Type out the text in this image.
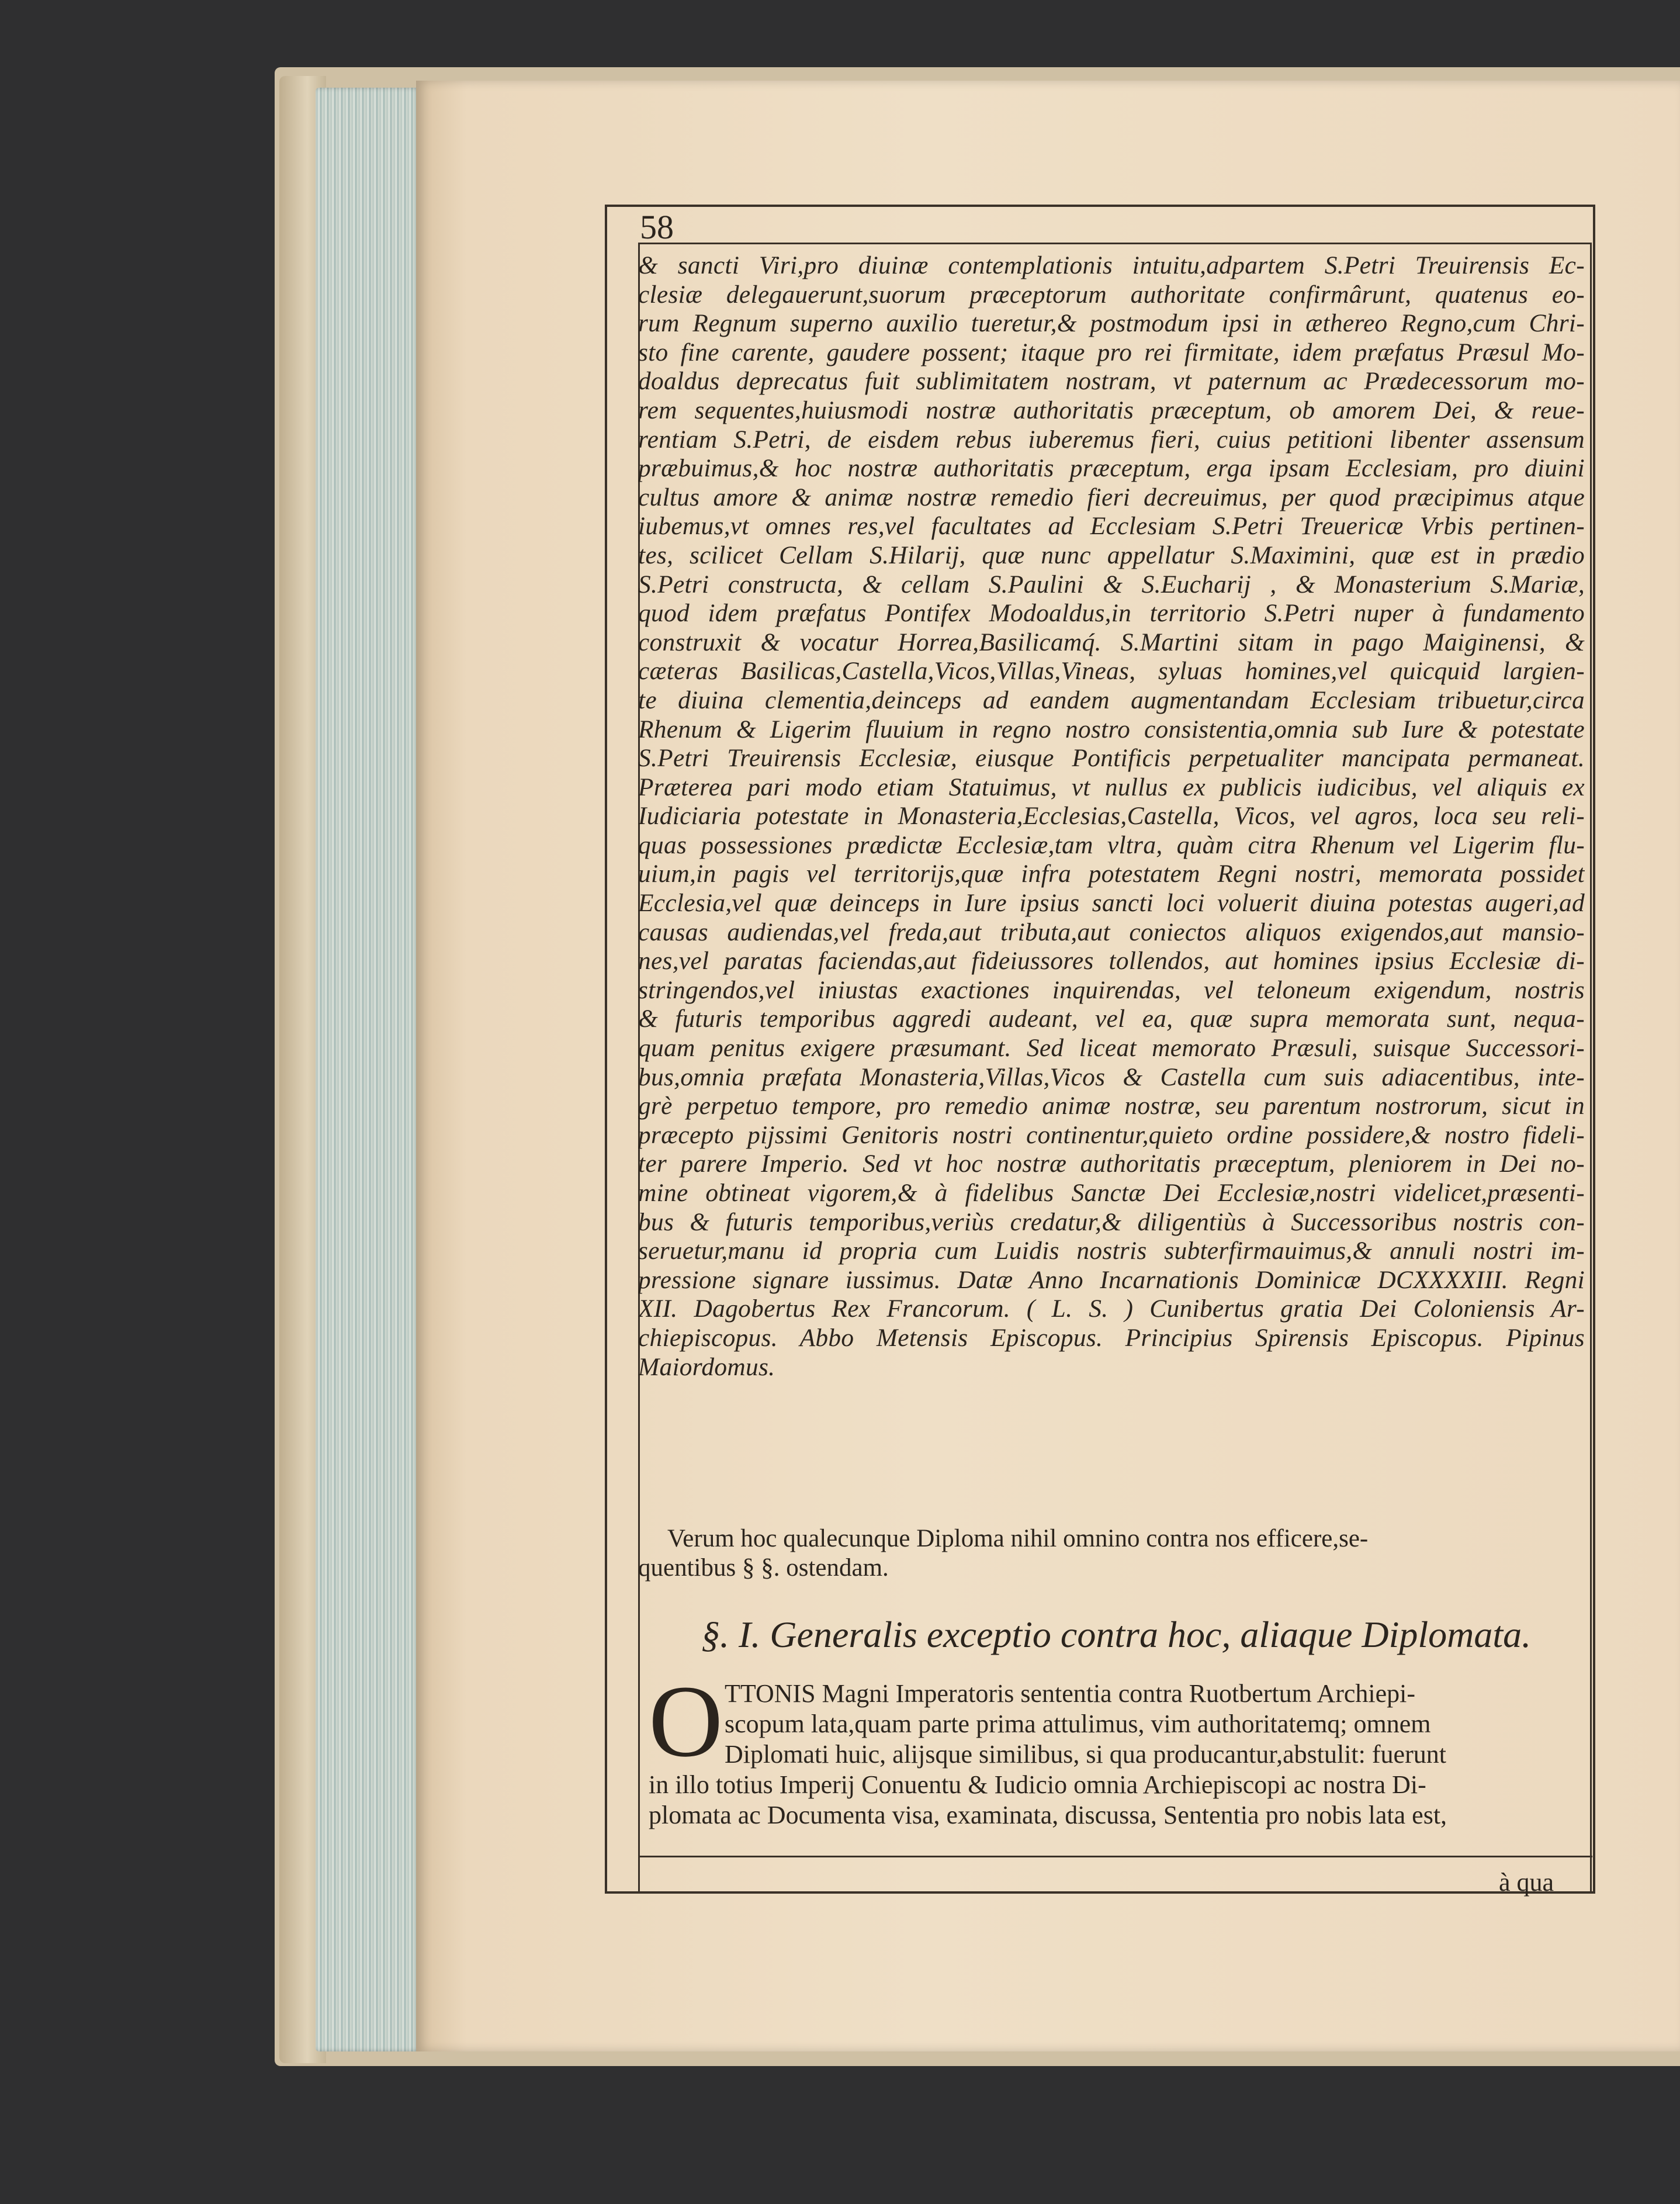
58
& sancti Viri,pro diuinæ contemplationis intuitu,adpartem S.Petri Treuirensis Ec-
clesiæ delegauerunt,suorum præceptorum authoritate confirmârunt, quatenus eo-
rum Regnum superno auxilio tueretur,& postmodum ipsi in æthereo Regno,cum Chri-
sto fine carente, gaudere possent; itaque pro rei firmitate, idem præfatus Præsul Mo-
doaldus deprecatus fuit sublimitatem nostram, vt paternum ac Prædecessorum mo-
rem sequentes,huiusmodi nostræ authoritatis præceptum, ob amorem Dei, & reue-
rentiam S.Petri, de eisdem rebus iuberemus fieri, cuius petitioni libenter assensum
præbuimus,& hoc nostræ authoritatis præceptum, erga ipsam Ecclesiam, pro diuini
cultus amore & animæ nostræ remedio fieri decreuimus, per quod præcipimus atque
iubemus,vt omnes res,vel facultates ad Ecclesiam S.Petri Treuericæ Vrbis pertinen-
tes, scilicet Cellam S.Hilarij, quæ nunc appellatur S.Maximini, quæ est in prædio
S.Petri constructa, & cellam S.Paulini & S.Eucharij , & Monasterium S.Mariæ,
quod idem præfatus Pontifex Modoaldus,in territorio S.Petri nuper à fundamento
construxit & vocatur Horrea,Basilicamq́. S.Martini sitam in pago Maiginensi, &
cæteras Basilicas,Castella,Vicos,Villas,Vineas, syluas homines,vel quicquid largien-
te diuina clementia,deinceps ad eandem augmentandam Ecclesiam tribuetur,circa
Rhenum & Ligerim fluuium in regno nostro consistentia,omnia sub Iure & potestate
S.Petri Treuirensis Ecclesiæ, eiusque Pontificis perpetualiter mancipata permaneat.
Præterea pari modo etiam Statuimus, vt nullus ex publicis iudicibus, vel aliquis ex
Iudiciaria potestate in Monasteria,Ecclesias,Castella, Vicos, vel agros, loca seu reli-
quas possessiones prædictæ Ecclesiæ,tam vltra, quàm citra Rhenum vel Ligerim flu-
uium,in pagis vel territorijs,quæ infra potestatem Regni nostri, memorata possidet
Ecclesia,vel quæ deinceps in Iure ipsius sancti loci voluerit diuina potestas augeri,ad
causas audiendas,vel freda,aut tributa,aut coniectos aliquos exigendos,aut mansio-
nes,vel paratas faciendas,aut fideiussores tollendos, aut homines ipsius Ecclesiæ di-
stringendos,vel iniustas exactiones inquirendas, vel teloneum exigendum, nostris
& futuris temporibus aggredi audeant, vel ea, quæ supra memorata sunt, nequa-
quam penitus exigere præsumant. Sed liceat memorato Præsuli, suisque Successori-
bus,omnia præfata Monasteria,Villas,Vicos & Castella cum suis adiacentibus, inte-
grè perpetuo tempore, pro remedio animæ nostræ, seu parentum nostrorum, sicut in
præcepto pijssimi Genitoris nostri continentur,quieto ordine possidere,& nostro fideli-
ter parere Imperio. Sed vt hoc nostræ authoritatis præceptum, pleniorem in Dei no-
mine obtineat vigorem,& à fidelibus Sanctæ Dei Ecclesiæ,nostri videlicet,præsenti-
bus & futuris temporibus,veriùs credatur,& diligentiùs à Successoribus nostris con-
seruetur,manu id propria cum Luidis nostris subterfirmauimus,& annuli nostri im-
pressione signare iussimus. Datæ Anno Incarnationis Dominicæ DCXXXXIII. Regni
XII. Dagobertus Rex Francorum. ( L. S. ) Cunibertus gratia Dei Coloniensis Ar-
chiepiscopus. Abbo Metensis Episcopus. Principius Spirensis Episcopus. Pipinus
Maiordomus.
Verum hoc qualecunque Diploma nihil omnino contra nos efficere,se-
quentibus § §. ostendam.
§. I. Generalis exceptio contra hoc, aliaque Diplomata.
O TTONIS Magni Imperatoris sententia contra Ruotbertum Archiepi-
scopum lata,quam parte prima attulimus, vim authoritatemq; omnem
Diplomati huic, alijsque similibus, si qua producantur,abstulit: fuerunt
in illo totius Imperij Conuentu & Iudicio omnia Archiepiscopi ac nostra Di-
plomata ac Documenta visa, examinata, discussa, Sententia pro nobis lata est,
à qua
